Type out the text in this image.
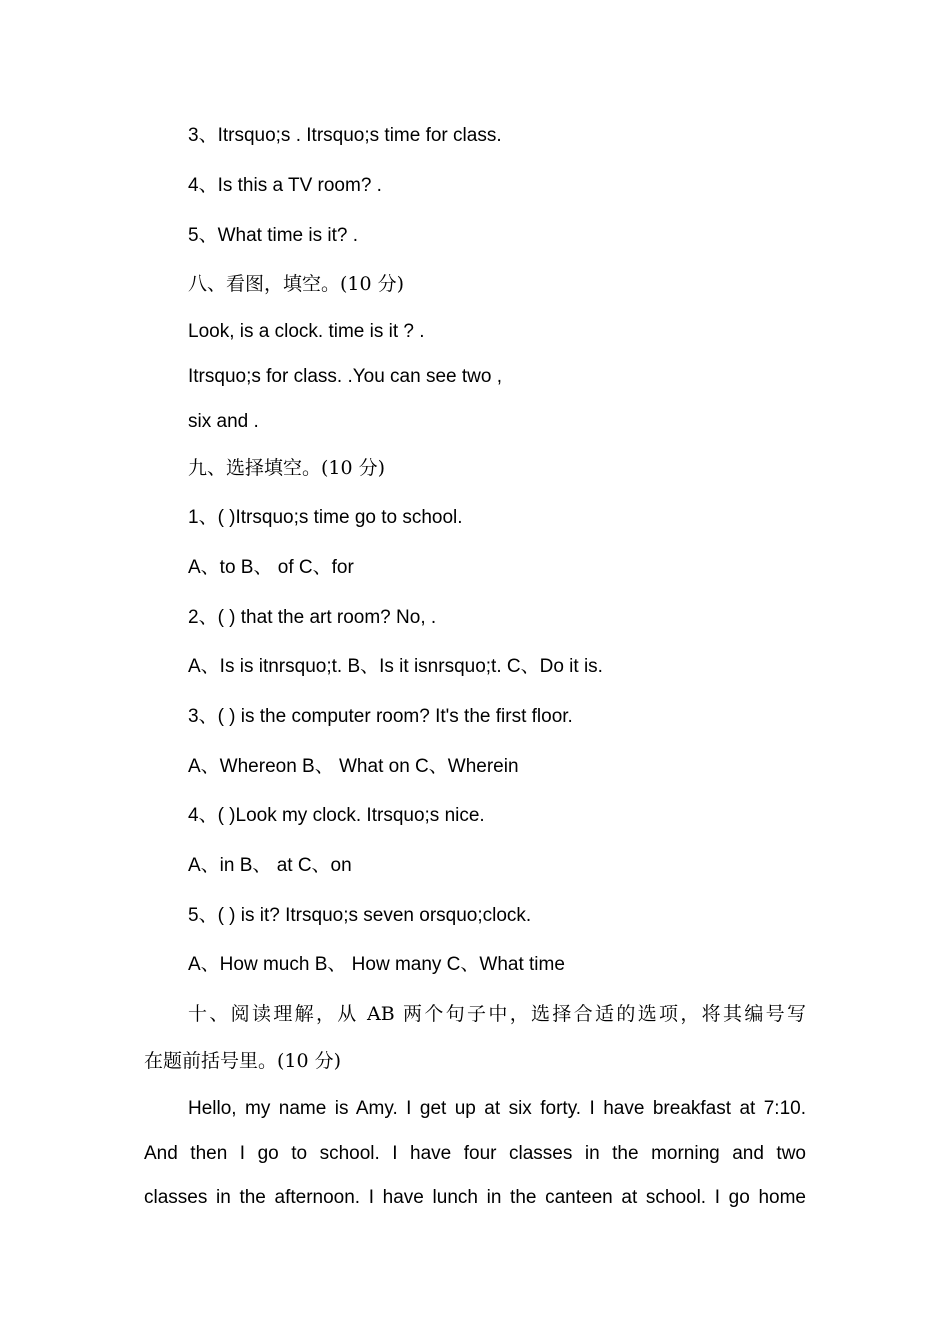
3、Itrsquo;s . Itrsquo;s time for class.
4、Is this a TV room? .
5、What time is it? .
八、看图，填空。(10 分)
Look, is a clock. time is it ? .
Itrsquo;s for class. .You can see two ,
six and .
九、选择填空。(10 分)
1、( )Itrsquo;s time go to school.
A、to B、 of C、for
2、( ) that the art room? No, .
A、Is is itnrsquo;t. B、Is it isnrsquo;t. C、Do it is.
3、( ) is the computer room? It's the first floor.
A、Whereon B、 What on C、Wherein
4、( )Look my clock. Itrsquo;s nice.
A、in B、 at C、on
5、( ) is it? Itrsquo;s seven orsquo;clock.
A、How much B、 How many C、What time
十、阅读理解，从 AB 两个句子中，选择合适的选项，将其编号写
在题前括号里。(10 分)
Hello, my name is Amy. I get up at six forty. I have breakfast at 7:10.
And then I go to school. I have four classes in the morning and two
classes in the afternoon. I have lunch in the canteen at school. I go home
